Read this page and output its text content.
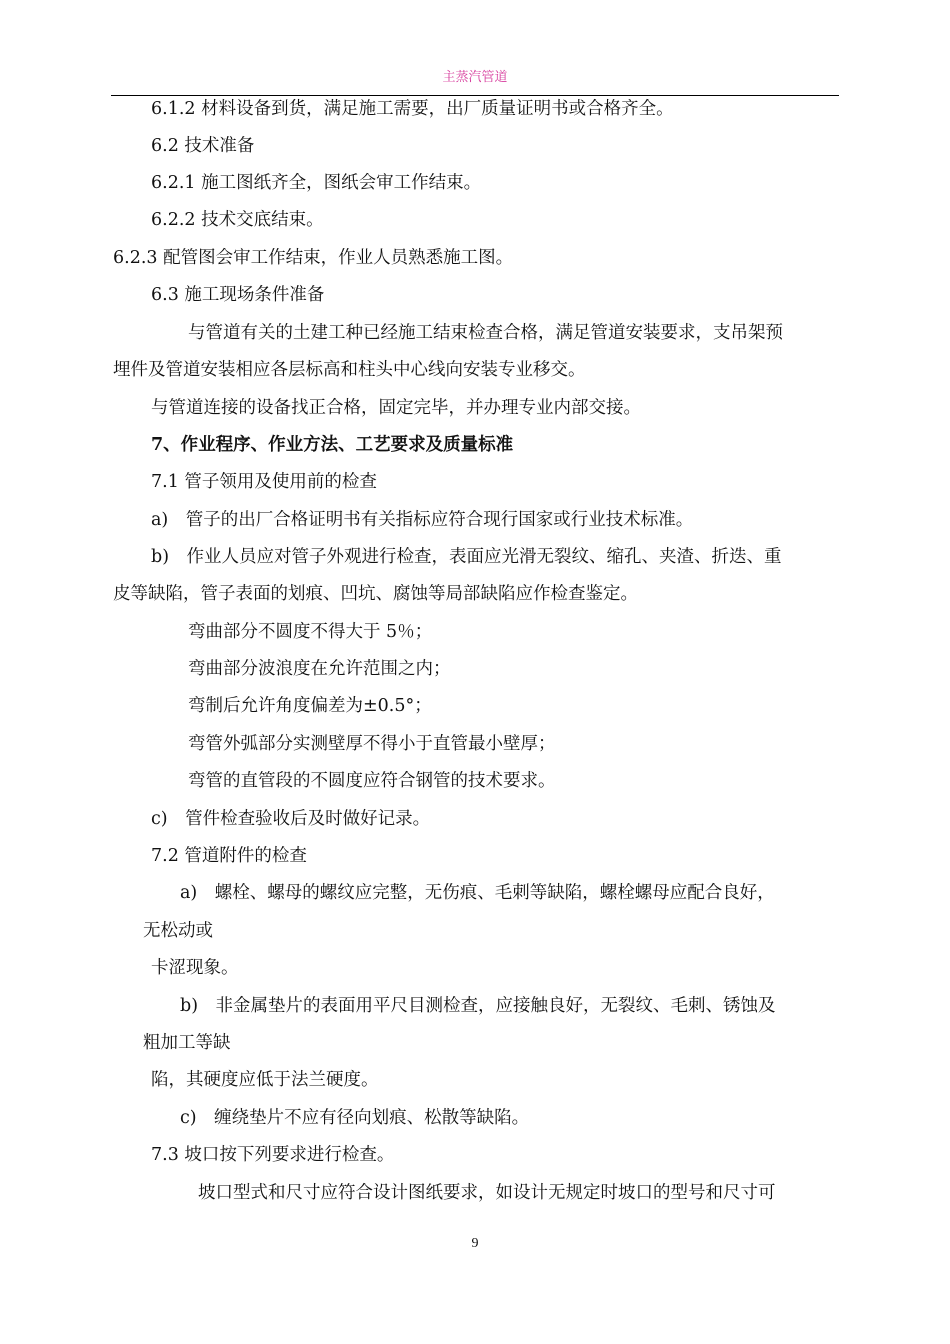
主蒸汽管道

6.1.2 材料设备到货，满足施工需要，出厂质量证明书或合格齐全。

6.2 技术准备

6.2.1 施工图纸齐全，图纸会审工作结束。

6.2.2 技术交底结束。

6.2.3 配管图会审工作结束，作业人员熟悉施工图。

6.3 施工现场条件准备

与管道有关的土建工种已经施工结束检查合格，满足管道安装要求，支吊架预

埋件及管道安装相应各层标高和柱头中心线向安装专业移交。

与管道连接的设备找正合格，固定完毕，并办理专业内部交接。

7、作业程序、作业方法、工艺要求及质量标准

7.1 管子领用及使用前的检查

a)　管子的出厂合格证明书有关指标应符合现行国家或行业技术标准。

b)　作业人员应对管子外观进行检查，表面应光滑无裂纹、缩孔、夹渣、折迭、重

皮等缺陷，管子表面的划痕、凹坑、腐蚀等局部缺陷应作检查鉴定。

弯曲部分不圆度不得大于 5％；

弯曲部分波浪度在允许范围之内；

弯制后允许角度偏差为±0.5°；

弯管外弧部分实测壁厚不得小于直管最小壁厚；

弯管的直管段的不圆度应符合钢管的技术要求。

c)　管件检查验收后及时做好记录。

7.2 管道附件的检查

a)　螺栓、螺母的螺纹应完整，无伤痕、毛刺等缺陷，螺栓螺母应配合良好，

无松动或

卡涩现象。

b)　非金属垫片的表面用平尺目测检查，应接触良好，无裂纹、毛刺、锈蚀及

粗加工等缺

陷，其硬度应低于法兰硬度。

c)　缠绕垫片不应有径向划痕、松散等缺陷。

7.3 坡口按下列要求进行检查。

坡口型式和尺寸应符合设计图纸要求，如设计无规定时坡口的型号和尺寸可

9
